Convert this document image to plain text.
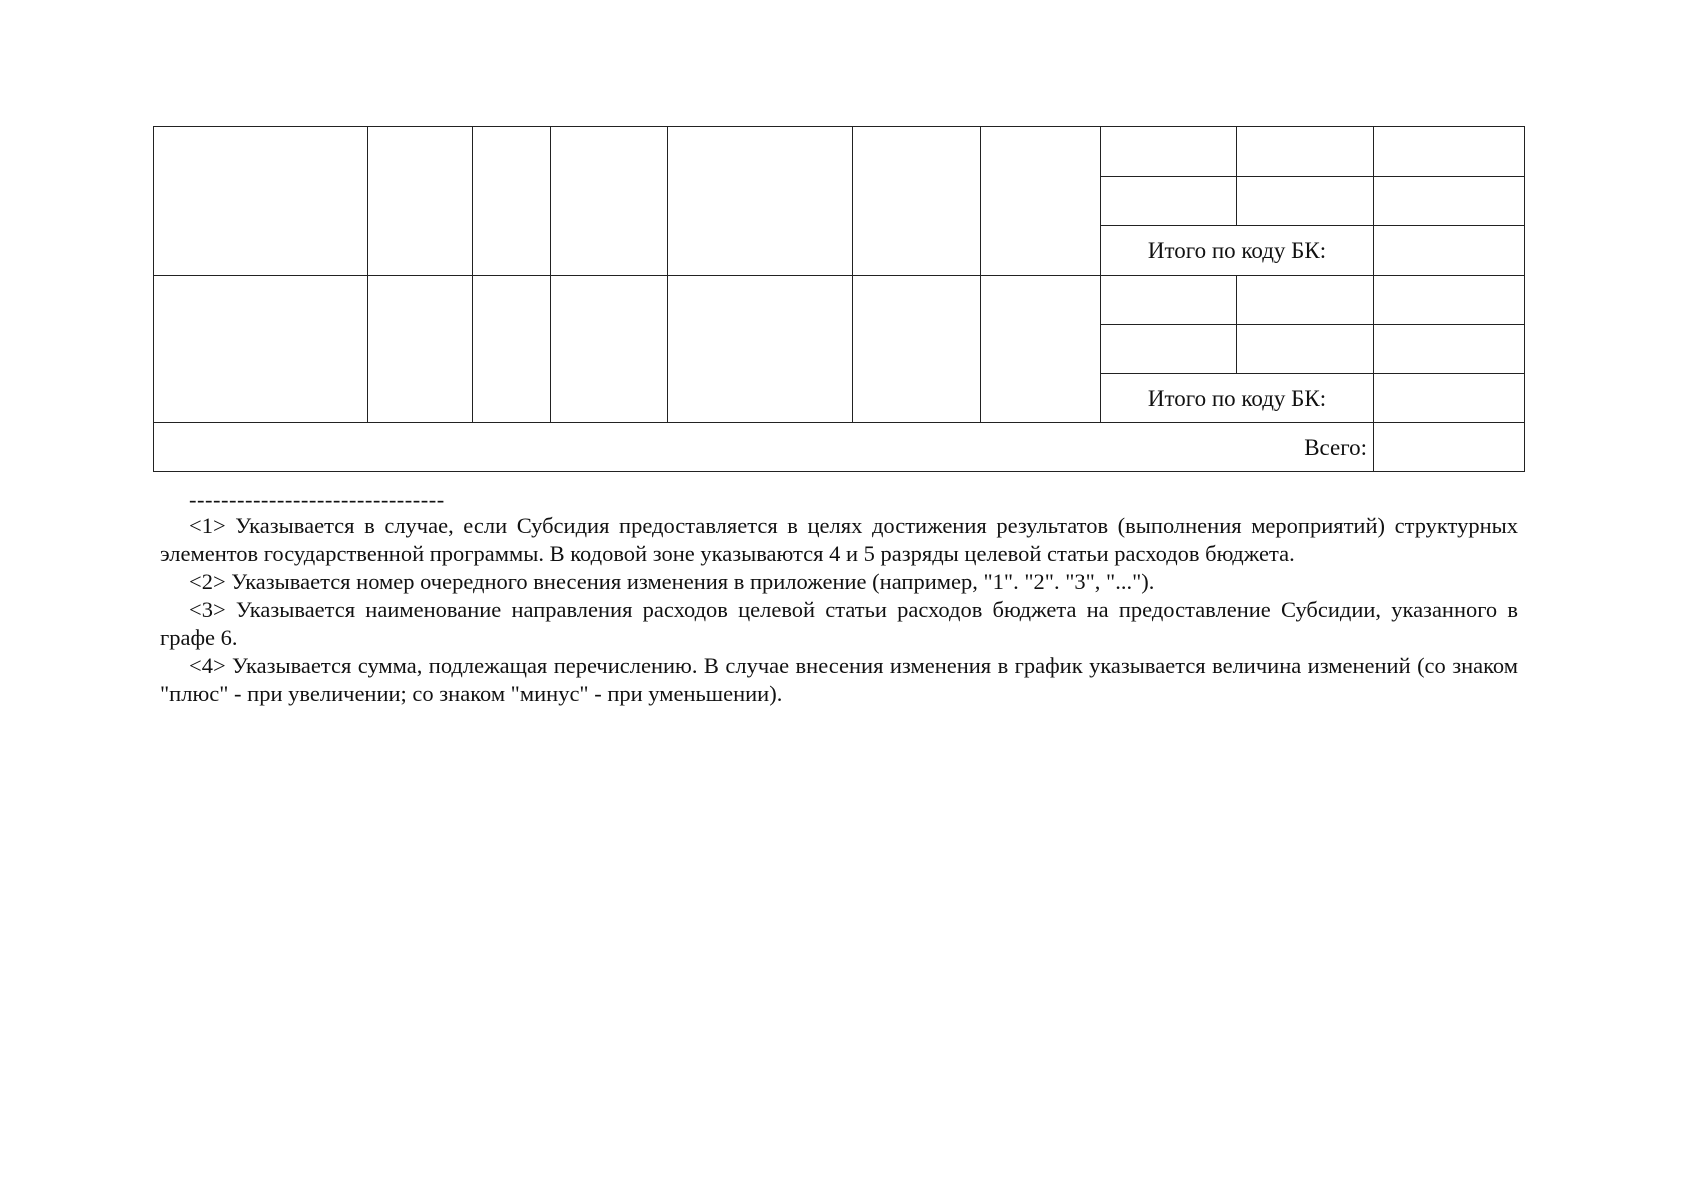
							Итого по коду БК:		

							Итого по коду БК:		
Всего:									
--------------------------------

<1> Указывается в случае, если Субсидия предоставляется в целях достижения результатов (выполнения мероприятий) структурных элементов государственной программы. В кодовой зоне указываются 4 и 5 разряды целевой статьи расходов бюджета.

<2> Указывается номер очередного внесения изменения в приложение (например, "1". "2". "3", "...").

<3> Указывается наименование направления расходов целевой статьи расходов бюджета на предоставление Субсидии, указанного в графе 6.

<4> Указывается сумма, подлежащая перечислению. В случае внесения изменения в график указывается величина изменений (со знаком "плюс" - при увеличении; со знаком "минус" - при уменьшении).
